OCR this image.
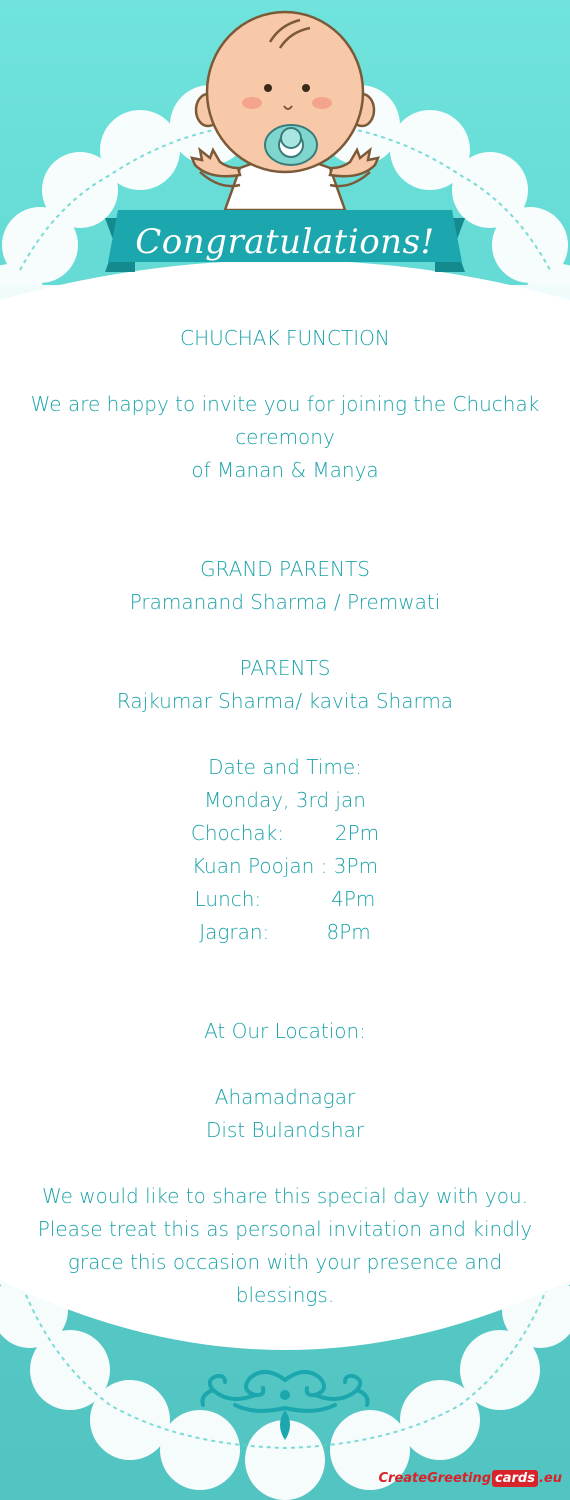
Congratulations!
CHUCHAK FUNCTION
We are happy to invite you for joining the Chuchak ceremony
of Manan & Manya
GRAND PARENTS
Pramanand Sharma / Premwati
PARENTS
Rajkumar Sharma/ kavita Sharma
Date and Time:
Monday, 3rd jan
Chochak:        2Pm
Kuan Poojan : 3Pm
Lunch:           4Pm
Jagran:         8Pm
At Our Location:
Ahamadnagar
Dist Bulandshar
We would like to share this special day with you. Please treat this as personal invitation and kindly grace this occasion with your presence and blessings.
CreateGreeting cards .eu
